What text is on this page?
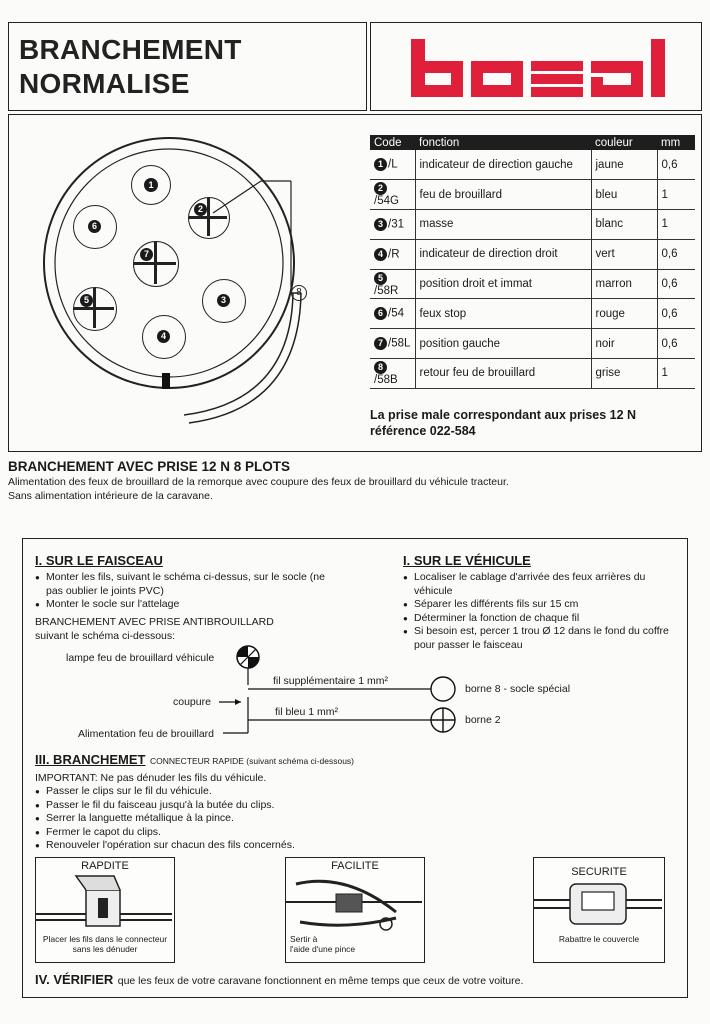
BRANCHEMENT
NORMALISE
1
2
3
4
5
6
7
8
Code	fonction	couleur	mm
1 /L	indicateur de direction gauche	jaune	0,6
2/54G	feu de brouillard	bleu	1
3 /31	masse	blanc	1
4 /R	indicateur de direction droit	vert	0,6
5/58R	position droit et immat	marron	0,6
6 /54	feux stop	rouge	0,6
7 /58L	position gauche	noir	0,6
8/58B	retour feu de brouillard	grise	1
La prise male correspondant aux prises 12 N
référence 022-584
BRANCHEMENT AVEC PRISE 12 N 8 PLOTS
Alimentation des feux de brouillard de la remorque avec coupure des feux de brouillard du véhicule tracteur.
Sans alimentation intérieure de la caravane.
I. SUR LE FAISCEAU
● Monter les fils, suivant le schéma ci-dessus, sur le socle (ne pas oublier le joints PVC)
● Monter le socle sur l'attelage
BRANCHEMENT AVEC PRISE ANTIBROUILLARD
suivant le schéma ci-dessous:
I. SUR LE VÉHICULE
● Localiser le cablage d'arrivée des feux arrières du véhicule
● Séparer les différents fils sur 15 cm
● Déterminer la fonction de chaque fil
● Si besoin est, percer 1 trou Ø 12 dans le fond du coffre pour passer le faisceau
lampe feu de brouillard véhicule
fil supplémentaire 1 mm²
borne 8 - socle spécial
coupure
fil bleu 1 mm²
borne 2
Alimentation feu de brouillard
III. BRANCHEMET CONNECTEUR RAPIDE (suivant schéma ci-dessous)
IMPORTANT: Ne pas dénuder les fils du véhicule.
● Passer le clips sur le fil du véhicule.
● Passer le fil du faisceau jusqu'à la butée du clips.
● Serrer la languette métallique à la pince.
● Fermer le capot du clips.
● Renouveler l'opération sur chacun des fils concernés.
RAPDITE
Placer les fils dans le connecteur
sans les dénuder
FACILITE
Sertir à
l'aide d'une pince
SECURITE
Rabattre le couvercle
IV. VÉRIFIER que les feux de votre caravane fonctionnent en même temps que ceux de votre voiture.
